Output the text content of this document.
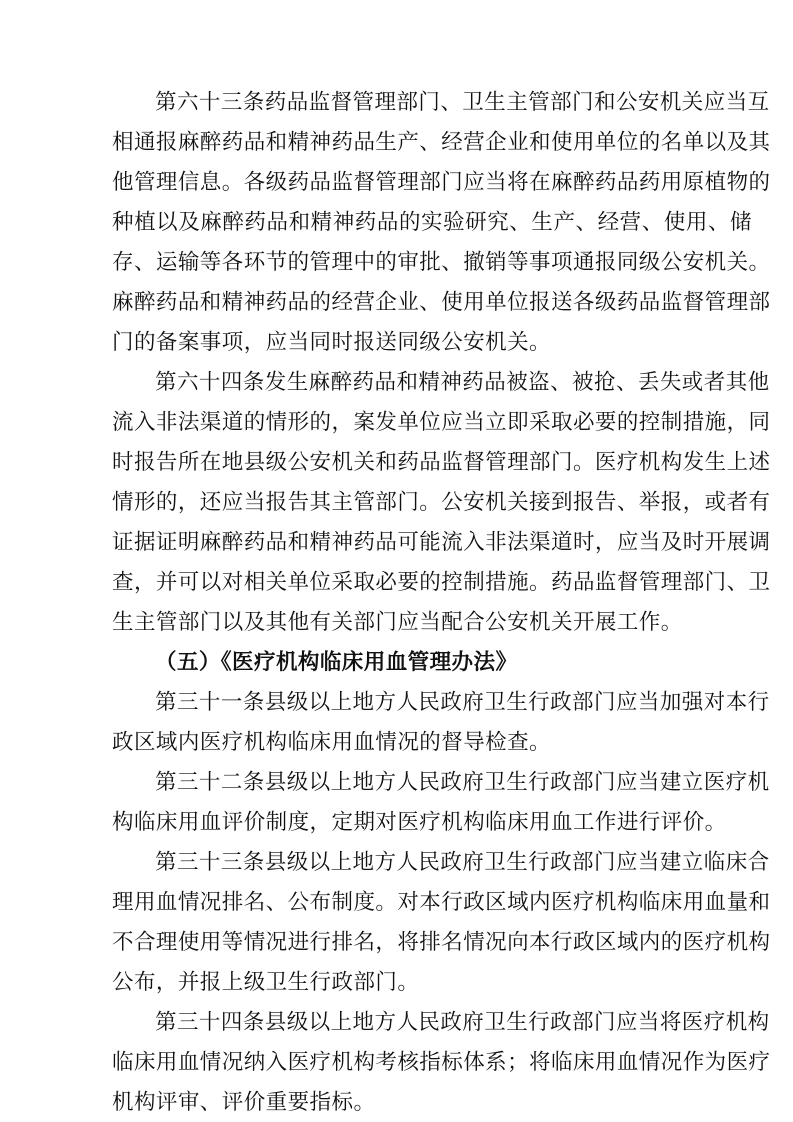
第六十三条药品监督管理部门、卫生主管部门和公安机关应当互
相通报麻醉药品和精神药品生产、经营企业和使用单位的名单以及其
他管理信息。各级药品监督管理部门应当将在麻醉药品药用原植物的
种植以及麻醉药品和精神药品的实验研究、生产、经营、使用、储
存、运输等各环节的管理中的审批、撤销等事项通报同级公安机关。
麻醉药品和精神药品的经营企业、使用单位报送各级药品监督管理部
门的备案事项，应当同时报送同级公安机关。
第六十四条发生麻醉药品和精神药品被盗、被抢、丢失或者其他
流入非法渠道的情形的，案发单位应当立即采取必要的控制措施，同
时报告所在地县级公安机关和药品监督管理部门。医疗机构发生上述
情形的，还应当报告其主管部门。公安机关接到报告、举报，或者有
证据证明麻醉药品和精神药品可能流入非法渠道时，应当及时开展调
查，并可以对相关单位采取必要的控制措施。药品监督管理部门、卫
生主管部门以及其他有关部门应当配合公安机关开展工作。
（五）《医疗机构临床用血管理办法》
第三十一条县级以上地方人民政府卫生行政部门应当加强对本行
政区域内医疗机构临床用血情况的督导检查。
第三十二条县级以上地方人民政府卫生行政部门应当建立医疗机
构临床用血评价制度，定期对医疗机构临床用血工作进行评价。
第三十三条县级以上地方人民政府卫生行政部门应当建立临床合
理用血情况排名、公布制度。对本行政区域内医疗机构临床用血量和
不合理使用等情况进行排名，将排名情况向本行政区域内的医疗机构
公布，并报上级卫生行政部门。
第三十四条县级以上地方人民政府卫生行政部门应当将医疗机构
临床用血情况纳入医疗机构考核指标体系；将临床用血情况作为医疗
机构评审、评价重要指标。
